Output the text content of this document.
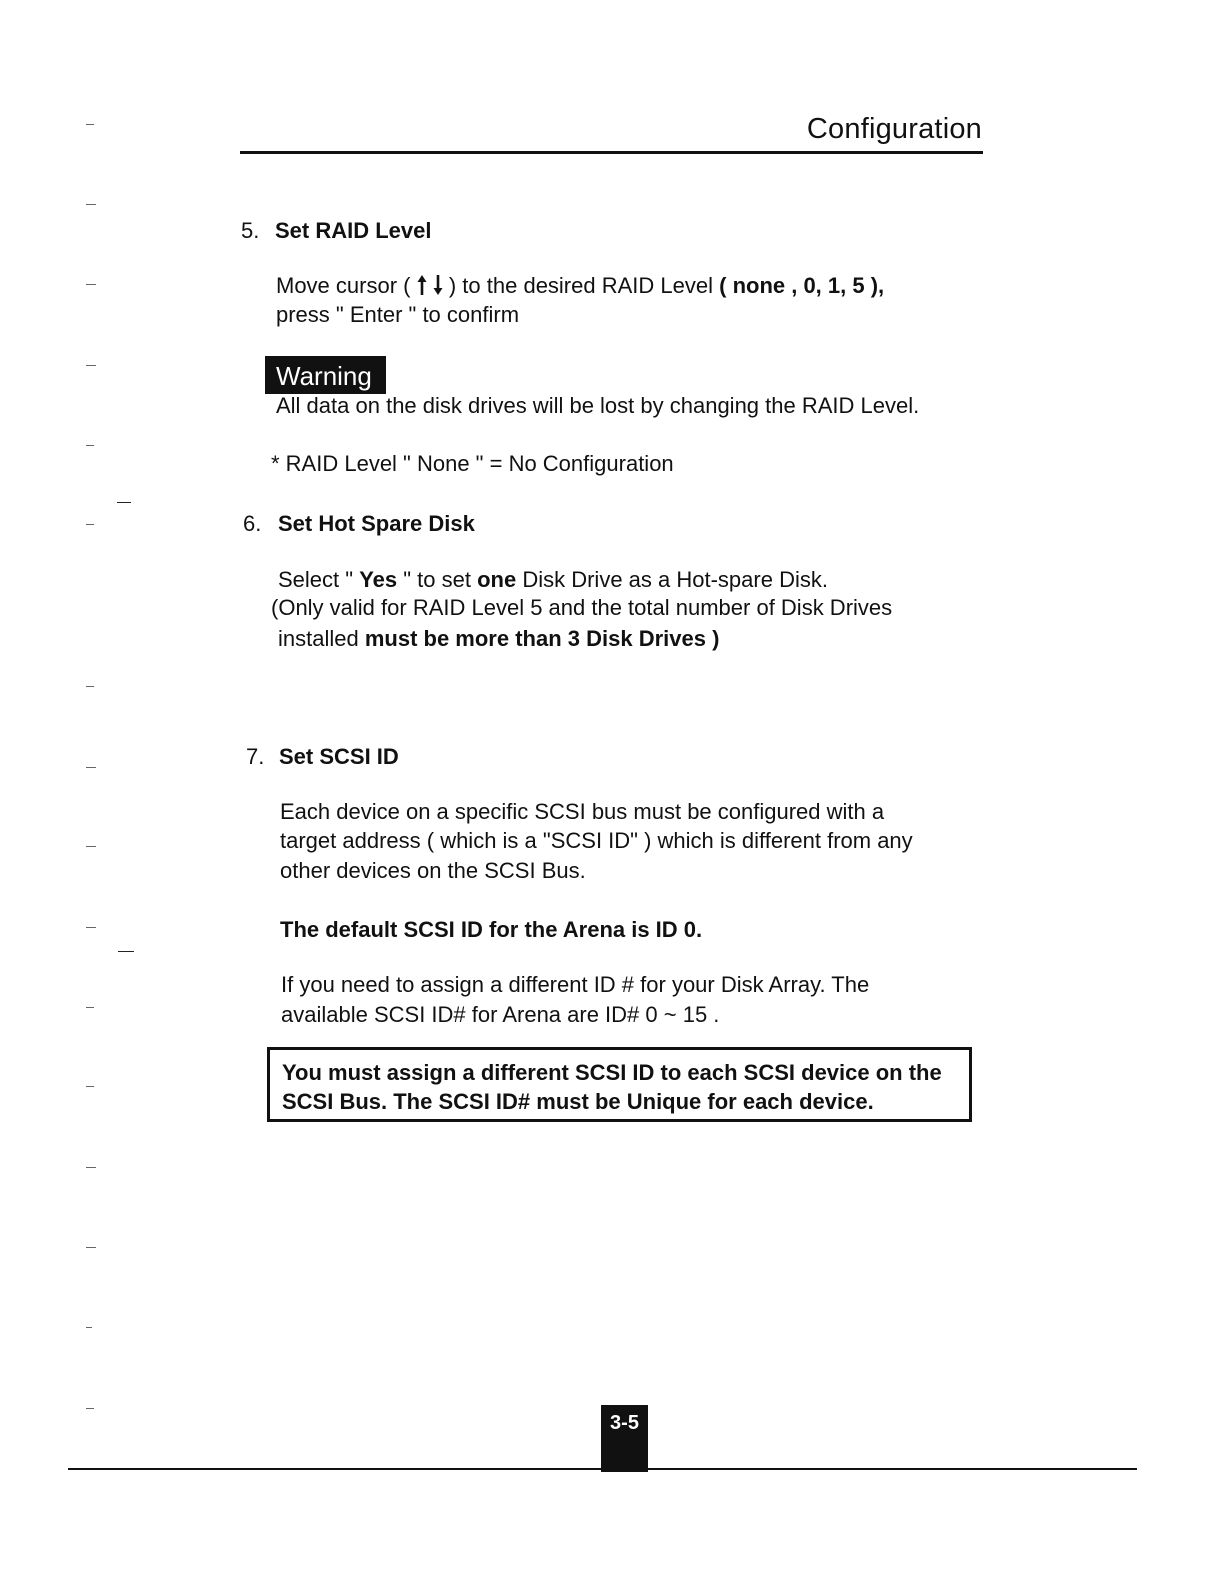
Configuration
5. Set RAID Level
Move cursor ( ) to the desired RAID Level ( none , 0, 1, 5 ),
press " Enter " to confirm
Warning
All data on the disk drives will be lost by changing the RAID Level.
* RAID Level " None " = No Configuration
6. Set Hot Spare Disk
Select " Yes " to set one Disk Drive as a Hot-spare Disk.
(Only valid for RAID Level 5 and the total number of Disk Drives
installed must be more than 3 Disk Drives )
7. Set SCSI ID
Each device on a specific SCSI bus must be configured with a
target address ( which is a "SCSI ID" ) which is different from any
other devices on the SCSI Bus.
The default SCSI ID for the Arena is ID 0.
If you need to assign a different ID # for your Disk Array. The
available SCSI ID# for Arena are ID# 0 ~ 15 .
You must assign a different SCSI ID to each SCSI device on the
SCSI Bus. The SCSI ID# must be Unique for each device.
3-5
